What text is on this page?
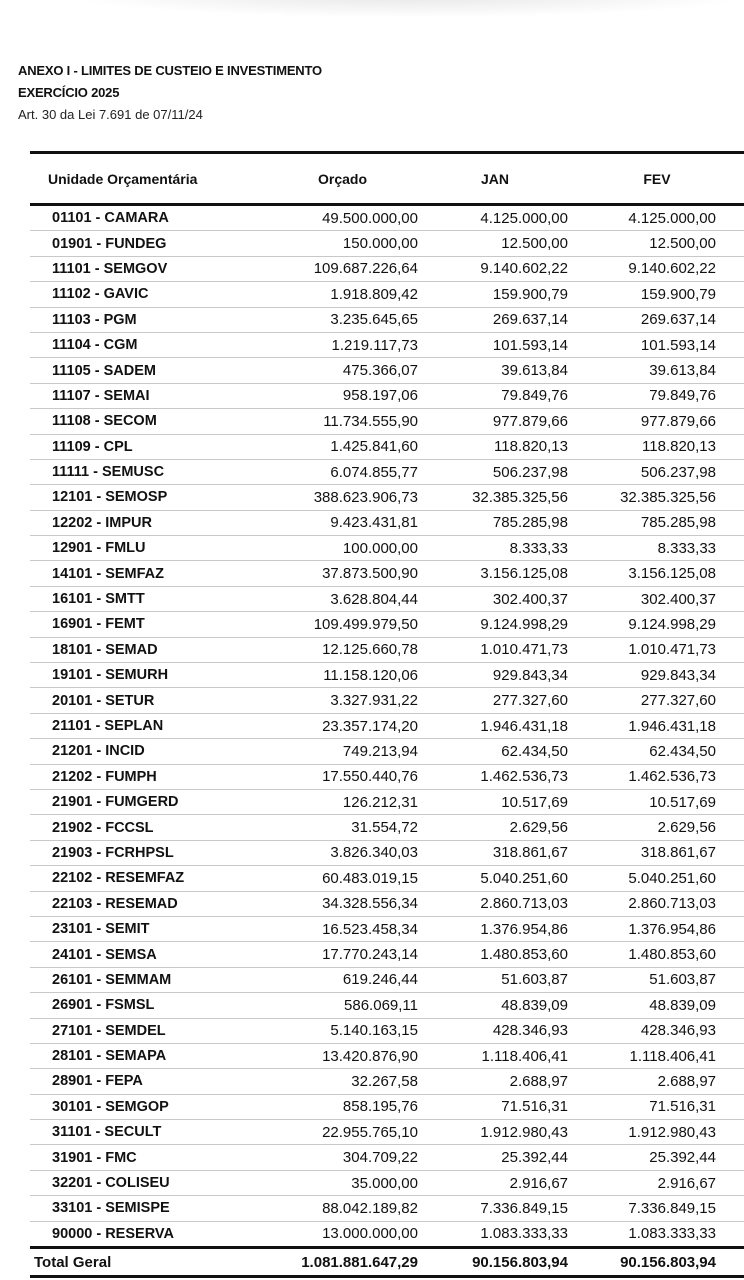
ANEXO I - LIMITES DE CUSTEIO E INVESTIMENTO
EXERCÍCIO 2025
Art. 30 da Lei 7.691 de 07/11/24
Unidade Orçamentária	Orçado	JAN	FEV
01101 - CAMARA	49.500.000,00	4.125.000,00	4.125.000,00
01901 - FUNDEG	150.000,00	12.500,00	12.500,00
11101 - SEMGOV	109.687.226,64	9.140.602,22	9.140.602,22
11102 - GAVIC	1.918.809,42	159.900,79	159.900,79
11103 - PGM	3.235.645,65	269.637,14	269.637,14
11104 - CGM	1.219.117,73	101.593,14	101.593,14
11105 - SADEM	475.366,07	39.613,84	39.613,84
11107 - SEMAI	958.197,06	79.849,76	79.849,76
11108 - SECOM	11.734.555,90	977.879,66	977.879,66
11109 - CPL	1.425.841,60	118.820,13	118.820,13
11111 - SEMUSC	6.074.855,77	506.237,98	506.237,98
12101 - SEMOSP	388.623.906,73	32.385.325,56	32.385.325,56
12202 - IMPUR	9.423.431,81	785.285,98	785.285,98
12901 - FMLU	100.000,00	8.333,33	8.333,33
14101 - SEMFAZ	37.873.500,90	3.156.125,08	3.156.125,08
16101 - SMTT	3.628.804,44	302.400,37	302.400,37
16901 - FEMT	109.499.979,50	9.124.998,29	9.124.998,29
18101 - SEMAD	12.125.660,78	1.010.471,73	1.010.471,73
19101 - SEMURH	11.158.120,06	929.843,34	929.843,34
20101 - SETUR	3.327.931,22	277.327,60	277.327,60
21101 - SEPLAN	23.357.174,20	1.946.431,18	1.946.431,18
21201 - INCID	749.213,94	62.434,50	62.434,50
21202 - FUMPH	17.550.440,76	1.462.536,73	1.462.536,73
21901 - FUMGERD	126.212,31	10.517,69	10.517,69
21902 - FCCSL	31.554,72	2.629,56	2.629,56
21903 - FCRHPSL	3.826.340,03	318.861,67	318.861,67
22102 - RESEMFAZ	60.483.019,15	5.040.251,60	5.040.251,60
22103 - RESEMAD	34.328.556,34	2.860.713,03	2.860.713,03
23101 - SEMIT	16.523.458,34	1.376.954,86	1.376.954,86
24101 - SEMSA	17.770.243,14	1.480.853,60	1.480.853,60
26101 - SEMMAM	619.246,44	51.603,87	51.603,87
26901 - FSMSL	586.069,11	48.839,09	48.839,09
27101 - SEMDEL	5.140.163,15	428.346,93	428.346,93
28101 - SEMAPA	13.420.876,90	1.118.406,41	1.118.406,41
28901 - FEPA	32.267,58	2.688,97	2.688,97
30101 - SEMGOP	858.195,76	71.516,31	71.516,31
31101 - SECULT	22.955.765,10	1.912.980,43	1.912.980,43
31901 - FMC	304.709,22	25.392,44	25.392,44
32201 - COLISEU	35.000,00	2.916,67	2.916,67
33101 - SEMISPE	88.042.189,82	7.336.849,15	7.336.849,15
90000 - RESERVA	13.000.000,00	1.083.333,33	1.083.333,33
Total Geral	1.081.881.647,29	90.156.803,94	90.156.803,94
